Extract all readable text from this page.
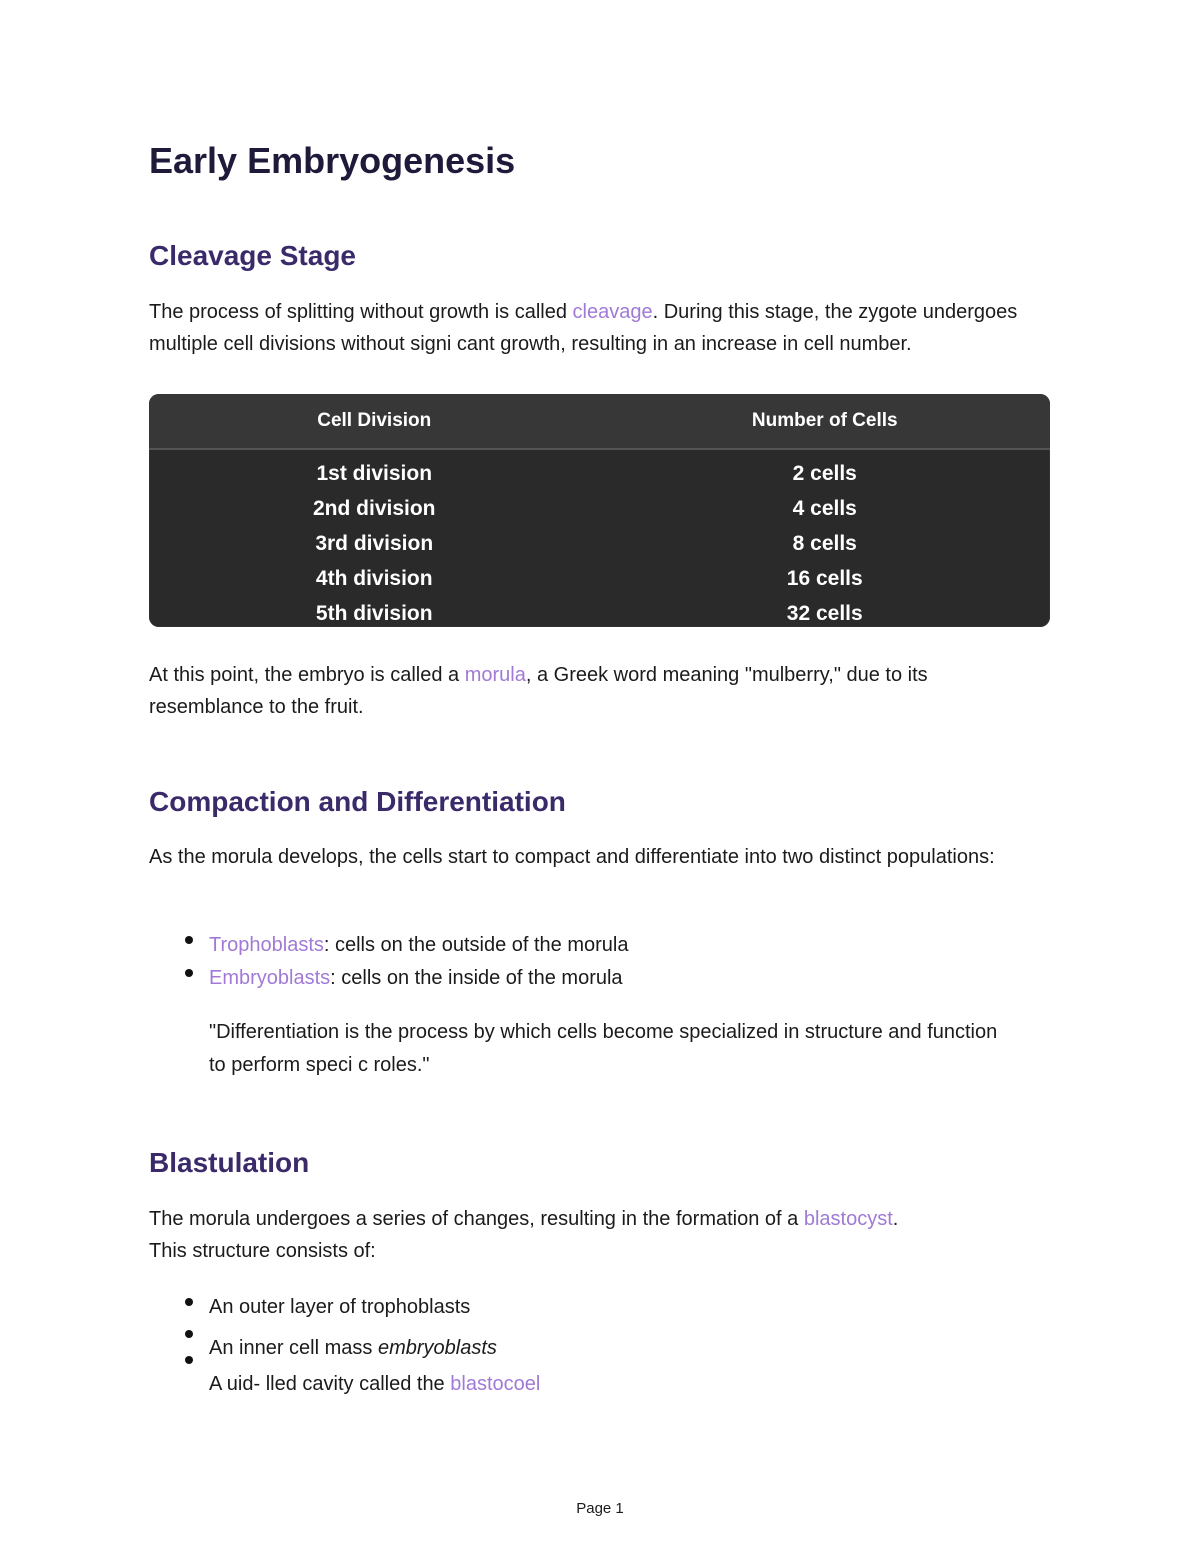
Early Embryogenesis
Cleavage Stage
The process of splitting without growth is called cleavage. During this stage, the zygote undergoes multiple cell divisions without signi cant growth, resulting in an increase in cell number.
Cell Division	Number of Cells
1st division	2 cells
2nd division	4 cells
3rd division	8 cells
4th division	16 cells
5th division	32 cells
At this point, the embryo is called a morula, a Greek word meaning "mulberry," due to its resemblance to the fruit.
Compaction and Differentiation
As the morula develops, the cells start to compact and differentiate into two distinct populations:
Trophoblasts: cells on the outside of the morula
Embryoblasts: cells on the inside of the morula
"Differentiation is the process by which cells become specialized in structure and function to perform speci c roles."
Blastulation
The morula undergoes a series of changes, resulting in the formation of a blastocyst.
This structure consists of:
An outer layer of trophoblasts
An inner cell mass embryoblasts
A uid- lled cavity called the blastocoel
Page 1
